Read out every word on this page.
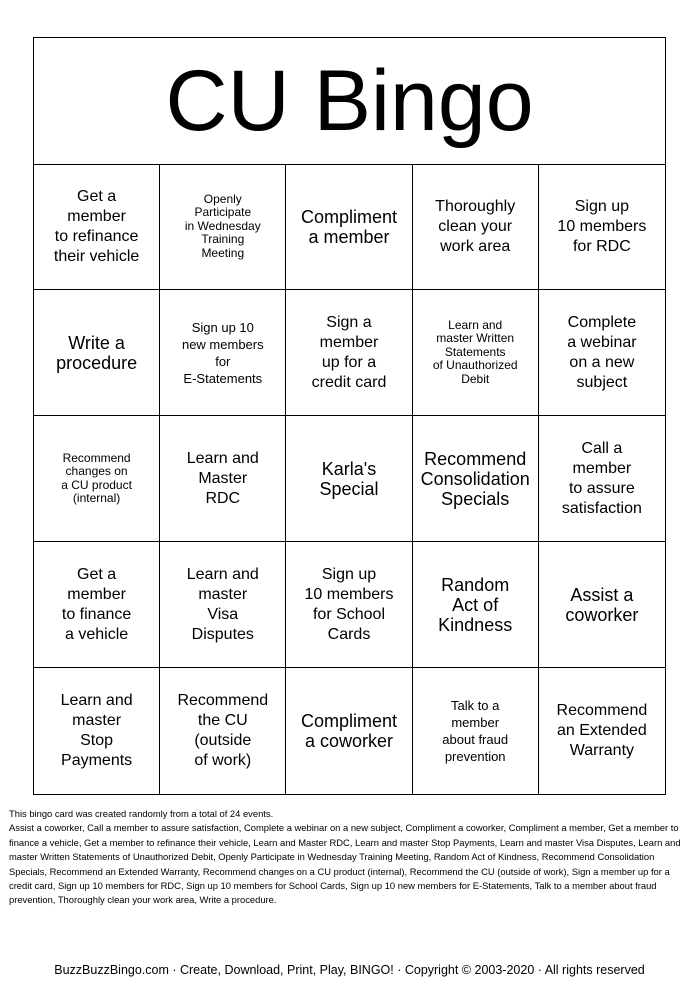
CU Bingo
Get a
member
to refinance
their vehicle
Openly
Participate
in Wednesday
Training
Meeting
Compliment
a member
Thoroughly
clean your
work area
Sign up
10 members
for RDC
Write a
procedure
Sign up 10
new members
for
E-Statements
Sign a
member
up for a
credit card
Learn and
master Written
Statements
of Unauthorized
Debit
Complete
a webinar
on a new
subject
Recommend
changes on
a CU product
(internal)
Learn and
Master
RDC
Karla's
Special
Recommend
Consolidation
Specials
Call a
member
to assure
satisfaction
Get a
member
to finance
a vehicle
Learn and
master
Visa
Disputes
Sign up
10 members
for School
Cards
Random
Act of
Kindness
Assist a
coworker
Learn and
master
Stop
Payments
Recommend
the CU
(outside
of work)
Compliment
a coworker
Talk to a
member
about fraud
prevention
Recommend
an Extended
Warranty
This bingo card was created randomly from a total of 24 events.
Assist a coworker, Call a member to assure satisfaction, Complete a webinar on a new subject, Compliment a coworker, Compliment a member, Get a member to finance a vehicle, Get a member to refinance their vehicle, Learn and Master RDC, Learn and master Stop Payments, Learn and master Visa Disputes, Learn and master Written Statements of Unauthorized Debit, Openly Participate in Wednesday Training Meeting, Random Act of Kindness, Recommend Consolidation Specials, Recommend an Extended Warranty, Recommend changes on a CU product (internal), Recommend the CU (outside of work), Sign a member up for a credit card, Sign up 10 members for RDC, Sign up 10 members for School Cards, Sign up 10 new members for E-Statements, Talk to a member about fraud prevention, Thoroughly clean your work area, Write a procedure.
BuzzBuzzBingo.com · Create, Download, Print, Play, BINGO! · Copyright © 2003-2020 · All rights reserved
